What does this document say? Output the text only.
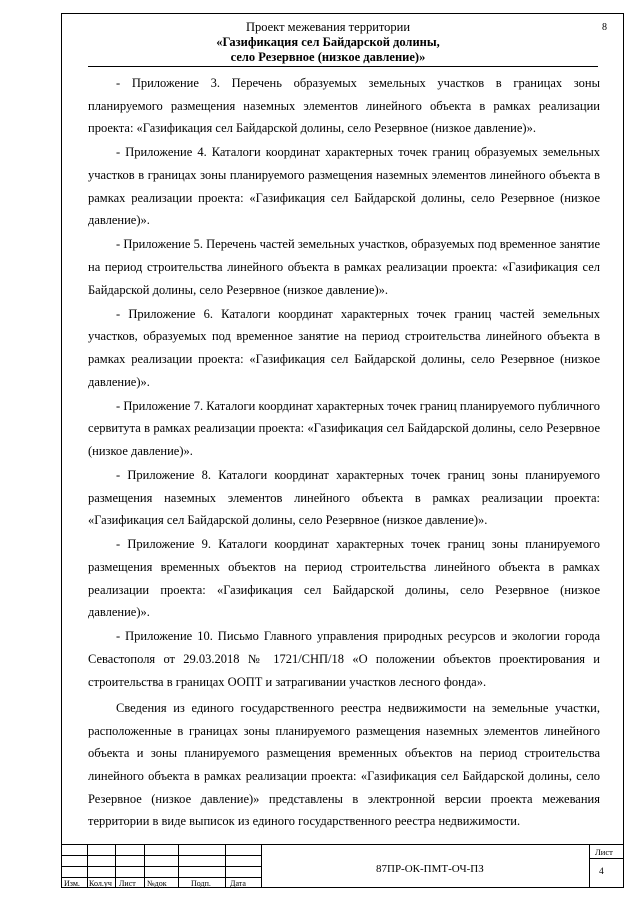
8
Проект межевания территории
«Газификация сел Байдарской долины,
село Резервное (низкое давление)»

- Приложение 3. Перечень образуемых земельных участков в границах зоны планируемого размещения наземных элементов линейного объекта в рамках реализации проекта: «Газификация сел Байдарской долины, село Резервное (низкое давление)».

- Приложение 4. Каталоги координат характерных точек границ образуемых земельных участков в границах зоны планируемого размещения наземных элементов линейного объекта в рамках реализации проекта: «Газификация сел Байдарской долины, село Резервное (низкое давление)».

- Приложение 5. Перечень частей земельных участков, образуемых под временное занятие на период строительства линейного объекта в рамках реализации проекта: «Газификация сел Байдарской долины, село Резервное (низкое давление)».

- Приложение 6. Каталоги координат характерных точек границ частей земельных участков, образуемых под временное занятие на период строительства линейного объекта в рамках реализации проекта: «Газификация сел Байдарской долины, село Резервное (низкое давление)».

- Приложение 7. Каталоги координат характерных точек границ планируемого публичного сервитута в рамках реализации проекта: «Газификация сел Байдарской долины, село Резервное (низкое давление)».

- Приложение 8. Каталоги координат характерных точек границ зоны планируемого размещения наземных элементов линейного объекта в рамках реализации проекта: «Газификация сел Байдарской долины, село Резервное (низкое давление)».

- Приложение 9. Каталоги координат характерных точек границ зоны планируемого размещения временных объектов на период строительства линейного объекта в рамках реализации проекта: «Газификация сел Байдарской долины, село Резервное (низкое давление)».

- Приложение 10. Письмо Главного управления природных ресурсов и экологии города Севастополя от 29.03.2018 № 1721/СНП/18 «О положении объектов проектирования и строительства в границах ООПТ и затрагивании участков лесного фонда».

Сведения из единого государственного реестра недвижимости на земельные участки, расположенные в границах зоны планируемого размещения наземных элементов линейного объекта и зоны планируемого размещения временных объектов на период строительства линейного объекта в рамках реализации проекта: «Газификация сел Байдарской долины, село Резервное (низкое давление)» представлены в электронной версии проекта межевания территории в виде выписок из единого государственного реестра недвижимости.

Изм. Кол.уч Лист №док	Подп. Дата
87ПР-ОК-ПМТ-ОЧ-ПЗ
Лист
4
